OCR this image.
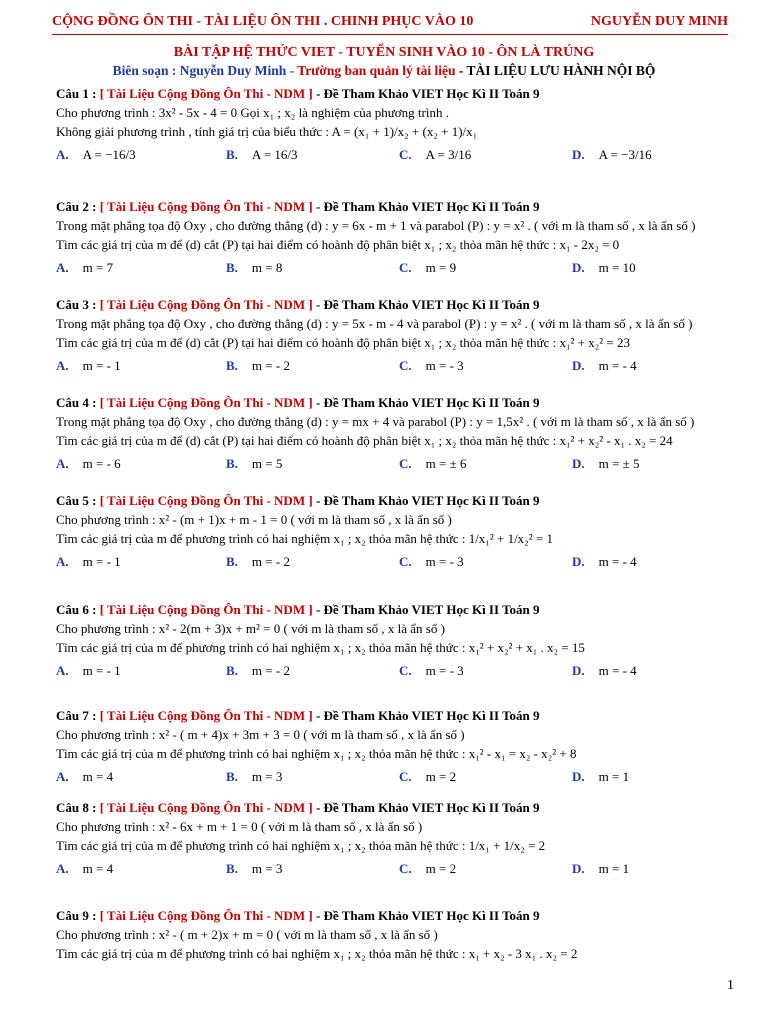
CỘNG ĐỒNG ÔN THI - TÀI LIỆU ÔN THI . CHINH PHỤC VÀO 10	NGUYỄN DUY MINH
BÀI TẬP HỆ THỨC VIET - TUYỂN SINH VÀO 10 - ÔN LÀ TRÚNG
Biên soạn : Nguyễn Duy Minh - Trường ban quản lý tài liệu - TÀI LIỆU LƯU HÀNH NỘI BỘ
Câu 1 : [ Tài Liệu Cộng Đồng Ôn Thi - NDM ] - Đề Tham Khảo VIET Học Kì II Toán 9
Cho phương trình : 3x² - 5x - 4 = 0 Gọi x₁ ; x₂ là nghiệm của phương trình .
Không giải phương trình , tính giá trị của biểu thức : A = (x₁ + 1)/x₂ + (x₂ + 1)/x₁
A. A = −16/3	B. A = 16/3	C. A = 3/16	D. A = −3/16
Câu 2 : [ Tài Liệu Cộng Đồng Ôn Thi - NDM ] - Đề Tham Khảo VIET Học Kì II Toán 9
Trong mặt phẳng tọa độ Oxy , cho đường thẳng (d) : y = 6x - m + 1 và parabol (P) : y = x² . ( với m là tham số , x là ẩn số )
Tìm các giá trị của m để (d) cắt (P) tại hai điểm có hoành độ phân biệt x₁ ; x₂ thỏa mãn hệ thức : x₁ - 2x₂ = 0
A. m = 7	B. m = 8	C. m = 9	D. m = 10
Câu 3 : [ Tài Liệu Cộng Đồng Ôn Thi - NDM ] - Đề Tham Khảo VIET Học Kì II Toán 9
Trong mặt phẳng tọa độ Oxy , cho đường thẳng (d) : y = 5x - m - 4 và parabol (P) : y = x² . ( với m là tham số , x là ẩn số )
Tìm các giá trị của m để (d) cắt (P) tại hai điểm có hoành độ phân biệt x₁ ; x₂ thỏa mãn hệ thức : x₁² + x₂² = 23
A. m = - 1	B. m = - 2	C. m = - 3	D. m = - 4
Câu 4 : [ Tài Liệu Cộng Đồng Ôn Thi - NDM ] - Đề Tham Khảo VIET Học Kì II Toán 9
Trong mặt phẳng tọa độ Oxy , cho đường thẳng (d) : y = mx + 4 và parabol (P) : y = 1,5x² . ( với m là tham số , x là ẩn số )
Tìm các giá trị của m để (d) cắt (P) tại hai điểm có hoành độ phân biệt x₁ ; x₂ thỏa mãn hệ thức : x₁² + x₂² - x₁ . x₂ = 24
A. m = - 6	B. m = 5	C. m = ± 6	D. m = ± 5
Câu 5 : [ Tài Liệu Cộng Đồng Ôn Thi - NDM ] - Đề Tham Khảo VIET Học Kì II Toán 9
Cho phương trình : x² - (m + 1)x + m - 1 = 0 ( với m là tham số , x là ẩn số )
Tìm các giá trị của m để phương trình có hai nghiệm x₁ ; x₂ thỏa mãn hệ thức : 1/x₁² + 1/x₂² = 1
A. m = - 1	B. m = - 2	C. m = - 3	D. m = - 4
Câu 6 : [ Tài Liệu Cộng Đồng Ôn Thi - NDM ] - Đề Tham Khảo VIET Học Kì II Toán 9
Cho phương trình : x² - 2(m + 3)x + m² = 0 ( với m là tham số , x là ẩn số )
Tìm các giá trị của m để phương trình có hai nghiệm x₁ ; x₂ thỏa mãn hệ thức : x₁² + x₂² + x₁ . x₂ = 15
A. m = - 1	B. m = - 2	C. m = - 3	D. m = - 4
Câu 7 : [ Tài Liệu Cộng Đồng Ôn Thi - NDM ] - Đề Tham Khảo VIET Học Kì II Toán 9
Cho phương trình : x² - ( m + 4)x + 3m + 3 = 0 ( với m là tham số , x là ẩn số )
Tìm các giá trị của m để phương trình có hai nghiệm x₁ ; x₂ thỏa mãn hệ thức : x₁² - x₁ = x₂ - x₂² + 8
A. m = 4	B. m = 3	C. m = 2	D. m = 1
Câu 8 : [ Tài Liệu Cộng Đồng Ôn Thi - NDM ] - Đề Tham Khảo VIET Học Kì II Toán 9
Cho phương trình : x² - 6x + m + 1 = 0 ( với m là tham số , x là ẩn số )
Tìm các giá trị của m để phương trình có hai nghiệm x₁ ; x₂ thỏa mãn hệ thức : 1/x₁ + 1/x₂ = 2
A. m = 4	B. m = 3	C. m = 2	D. m = 1
Câu 9 : [ Tài Liệu Cộng Đồng Ôn Thi - NDM ] - Đề Tham Khảo VIET Học Kì II Toán 9
Cho phương trình : x² - ( m + 2)x + m = 0 ( với m là tham số , x là ẩn số )
Tìm các giá trị của m để phương trình có hai nghiệm x₁ ; x₂ thỏa mãn hệ thức : x₁ + x₂ - 3 x₁ . x₂ = 2
1
